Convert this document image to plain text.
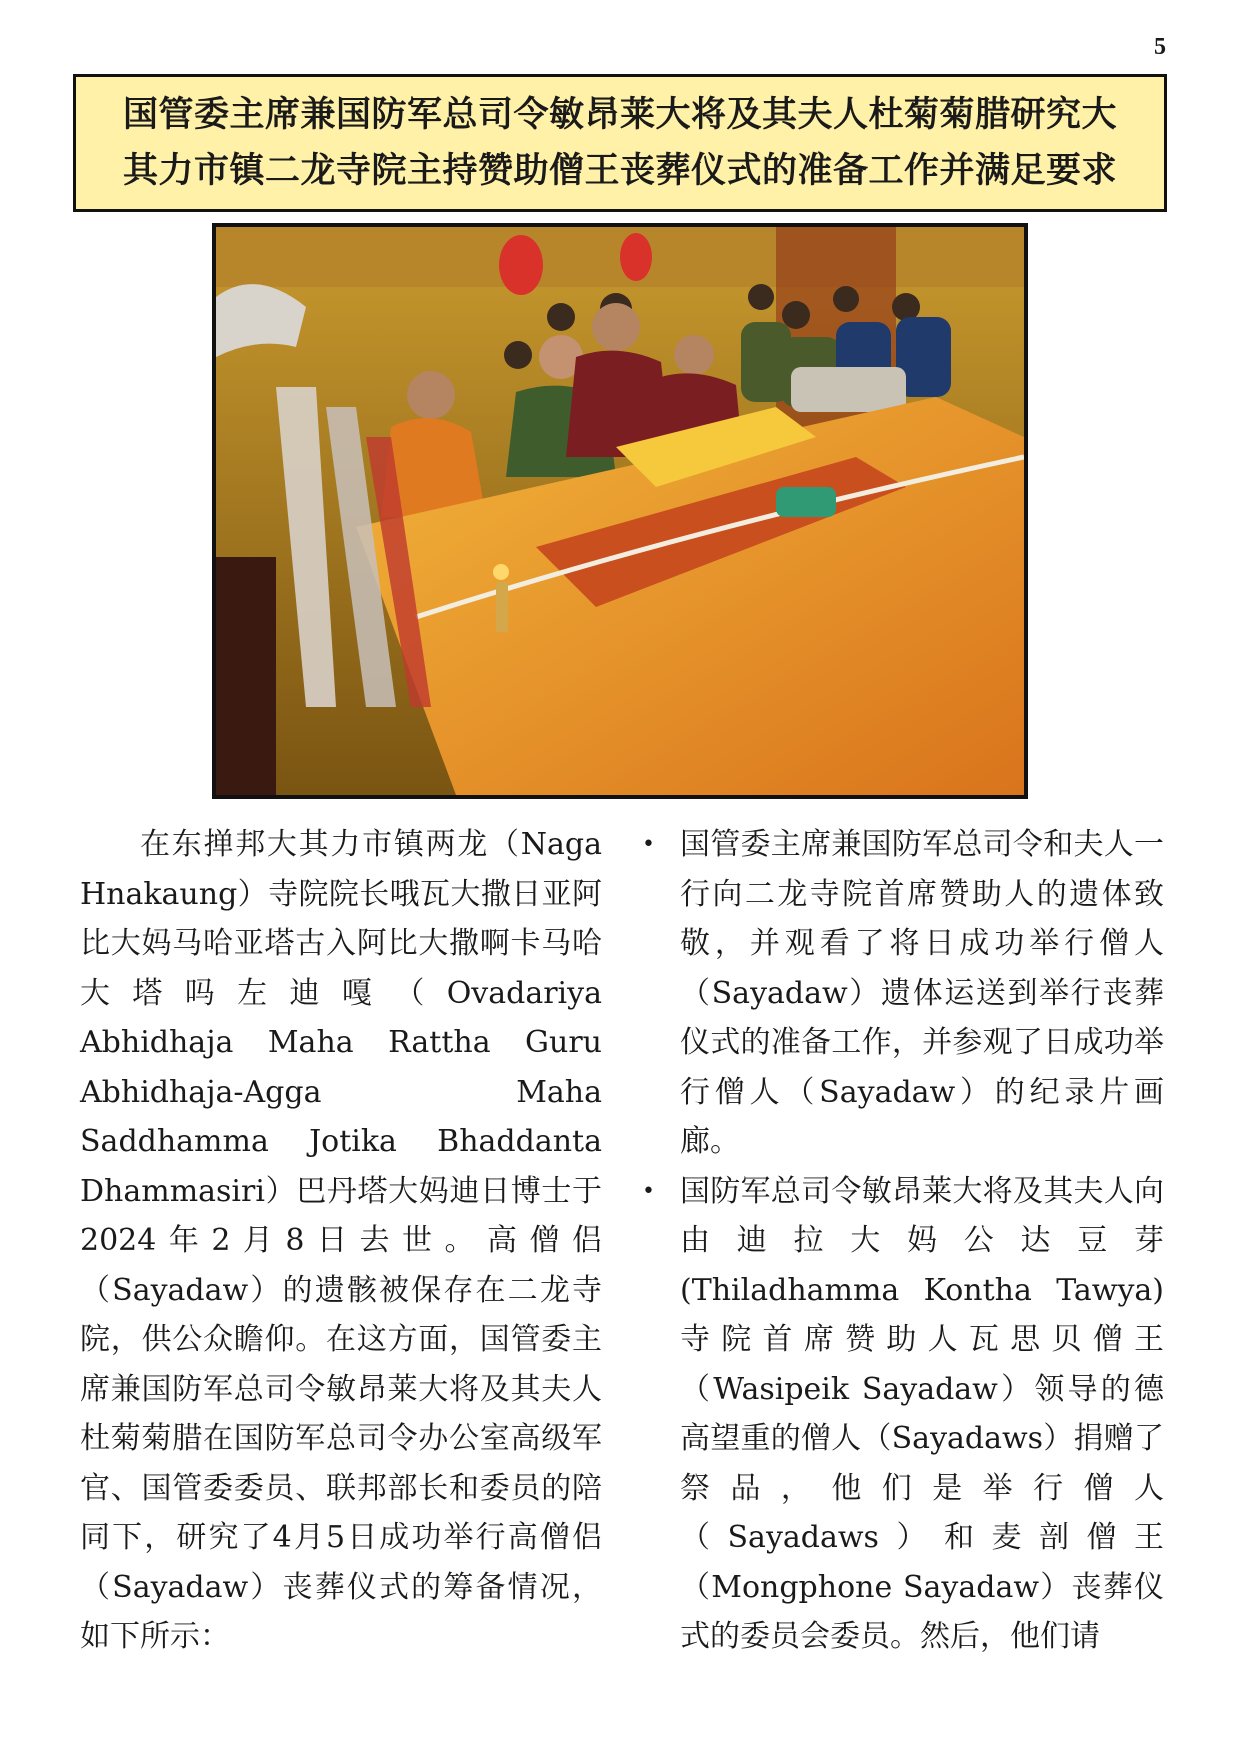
5
国管委主席兼国防军总司令敏昂莱大将及其夫人杜菊菊腊研究大
其力市镇二龙寺院主持赞助僧王丧葬仪式的准备工作并满足要求

在东掸邦大其力市镇两龙（Naga Hnakaung）寺院院长哦瓦大撒日亚阿比大妈马哈亚塔古入阿比大撒啊卡马哈大塔吗左迪嘎（Ovadariya Abhidhaja Maha Rattha Guru Abhidhaja-Agga Maha Saddhamma Jotika Bhaddanta Dhammasiri）巴丹塔大妈迪日博士于2024年2月8日去世。高僧侣（Sayadaw）的遗骸被保存在二龙寺院，供公众瞻仰。在这方面，国管委主席兼国防军总司令敏昂莱大将及其夫人杜菊菊腊在国防军总司令办公室高级军官、国管委委员、联邦部长和委员的陪同下，研究了4月5日成功举行高僧侣（Sayadaw）丧葬仪式的筹备情况，如下所示：

• 国管委主席兼国防军总司令和夫人一行向二龙寺院首席赞助人的遗体致敬，并观看了将日成功举行僧人（Sayadaw）遗体运送到举行丧葬仪式的准备工作，并参观了日成功举行僧人（Sayadaw）的纪录片画廊。
• 国防军总司令敏昂莱大将及其夫人向由迪拉大妈公达豆芽(Thiladhamma Kontha Tawya)寺院首席赞助人瓦思贝僧王（Wasipeik Sayadaw）领导的德高望重的僧人（Sayadaws）捐赠了祭品，他们是举行僧人（Sayadaws）和麦剖僧王（Mongphone Sayadaw）丧葬仪式的委员会委员。然后，他们请
